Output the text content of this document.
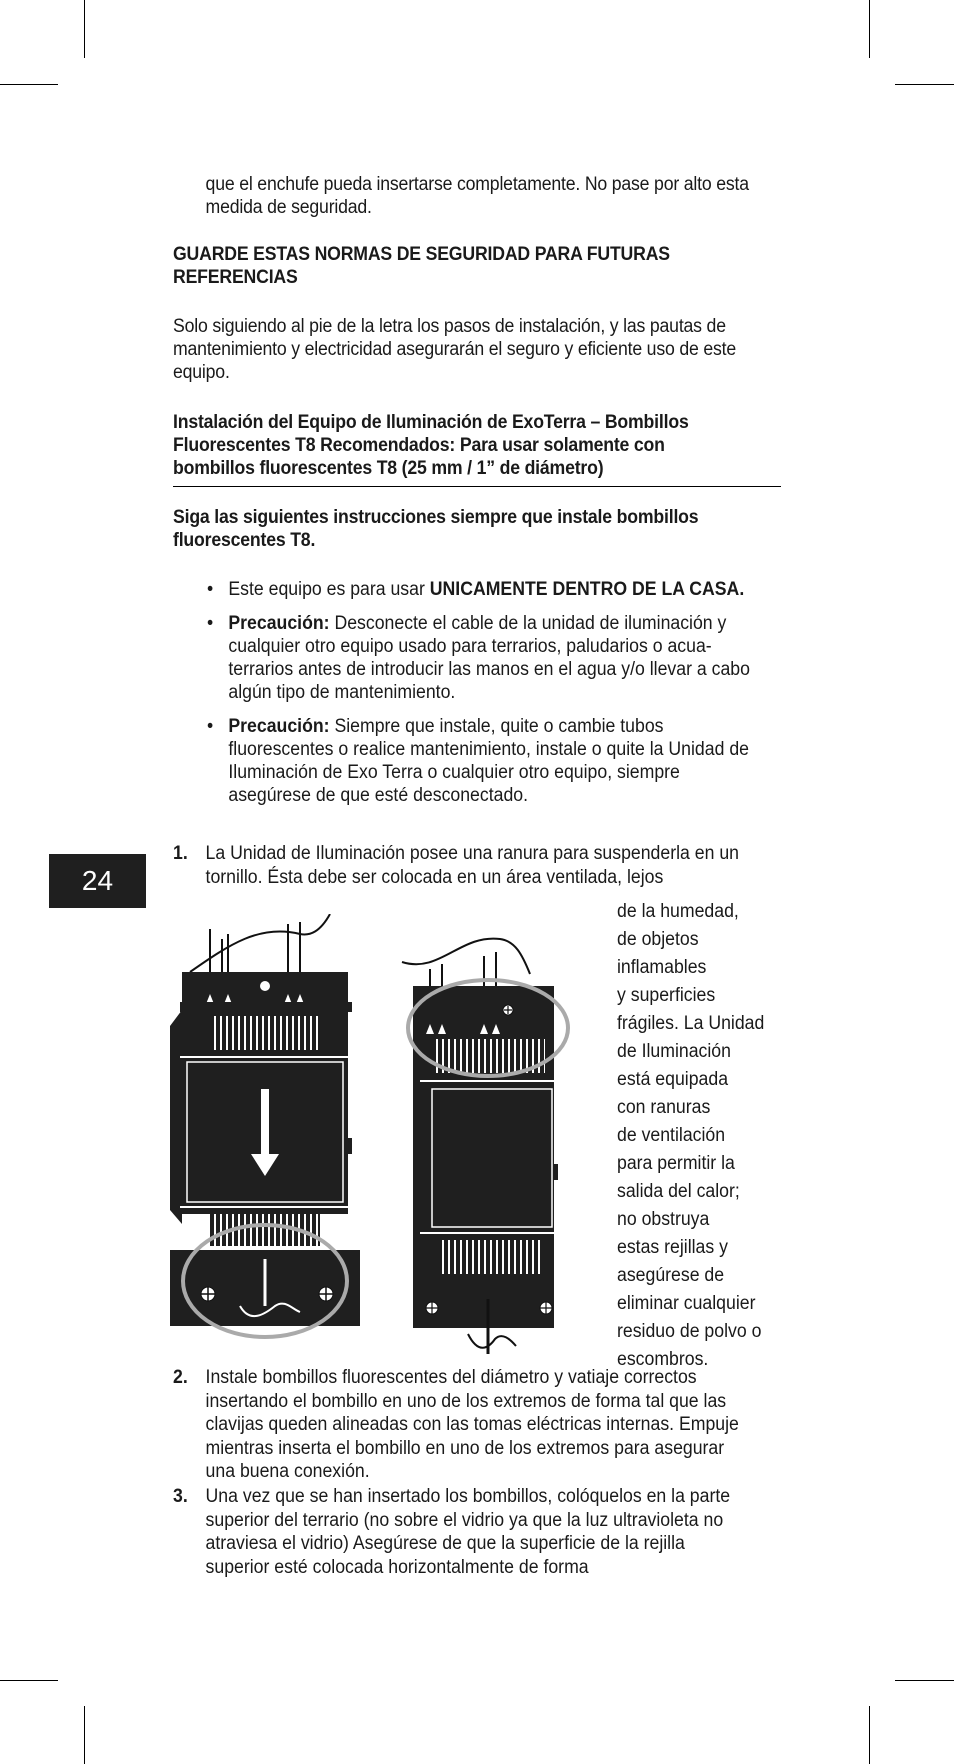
que el enchufe pueda insertarse completamente. No pase por alto esta medida de seguridad.

GUARDE ESTAS NORMAS DE SEGURIDAD PARA FUTURAS REFERENCIAS

Solo siguiendo al pie de la letra los pasos de instalación, y las pautas de mantenimiento y electricidad asegurarán el seguro y eficiente uso de este equipo.

Instalación del Equipo de Iluminación de ExoTerra – Bombillos Fluorescentes T8 Recomendados: Para usar solamente con bombillos fluorescentes T8 (25 mm / 1” de diámetro)

Siga las siguientes instrucciones siempre que instale bombillos fluorescentes T8.

• Este equipo es para usar UNICAMENTE DENTRO DE LA CASA.
• Precaución: Desconecte el cable de la unidad de iluminación y cualquier otro equipo usado para terrarios, paludarios o acua-terrarios antes de introducir las manos en el agua y/o llevar a cabo algún tipo de mantenimiento.
• Precaución: Siempre que instale, quite o cambie tubos fluorescentes o realice mantenimiento, instale o quite la Unidad de Iluminación de Exo Terra o cualquier otro equipo, siempre asegúrese de que esté desconectado.
24
1. La Unidad de Iluminación posee una ranura para suspenderla en un tornillo. Ésta debe ser colocada en un área ventilada, lejos

de la humedad,

de objetos

inflamables

y superficies

frágiles. La Unidad

de Iluminación

está equipada

con ranuras

de ventilación

para permitir la

salida del calor;

no obstruya

estas rejillas y

asegúrese de

eliminar cualquier

residuo de polvo o

escombros.

2. Instale bombillos fluorescentes del diámetro y vatiaje correctos insertando el bombillo en uno de los extremos de forma tal que las clavijas queden alineadas con las tomas eléctricas internas. Empuje mientras inserta el bombillo en uno de los extremos para asegurar una buena conexión.
3. Una vez que se han insertado los bombillos, colóquelos en la parte superior del terrario (no sobre el vidrio ya que la luz ultravioleta no atraviesa el vidrio) Asegúrese de que la superficie de la rejilla superior esté colocada horizontalmente de forma
